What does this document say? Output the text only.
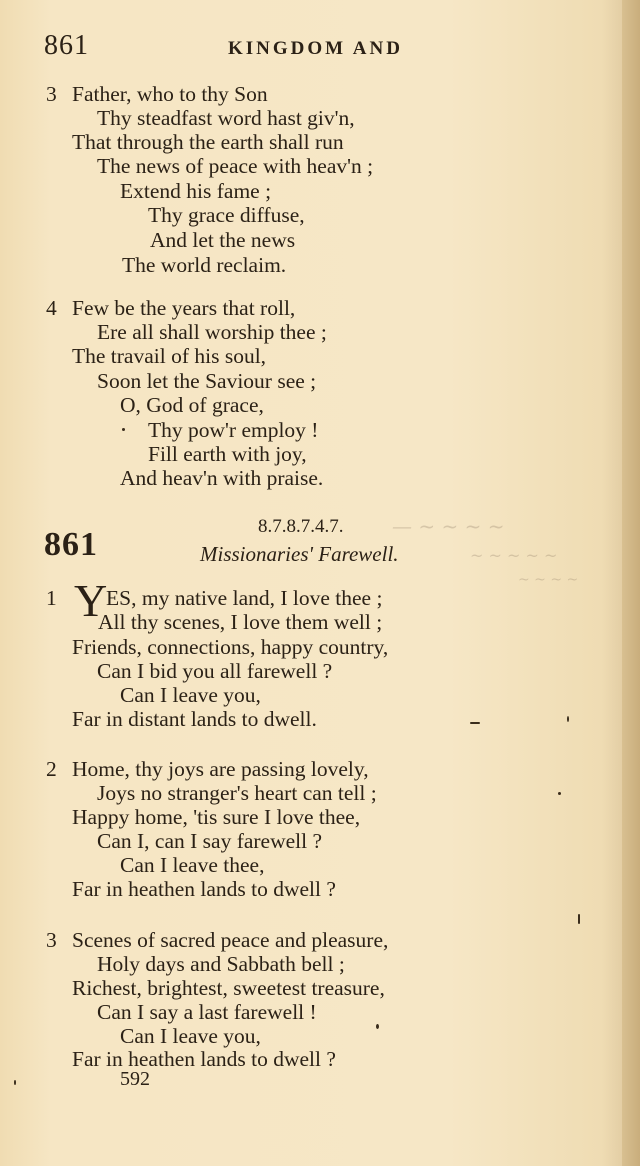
861	KINGDOM AND
3 Father, who to thy Son
Thy steadfast word hast giv'n,
That through the earth shall run
The news of peace with heav'n ;
Extend his fame ;
Thy grace diffuse,
And let the news
The world reclaim.
4 Few be the years that roll,
Ere all shall worship thee ;
The travail of his soul,
Soon let the Saviour see ;
O, God of grace,
Thy pow'r employ !
Fill earth with joy,
And heav'n with praise.
861	8.7.8.7.4.7.
Missionaries' Farewell.
— ~ ~ ~ ~
~ ~ ~ ~ ~
~ ~ ~ ~
1 Y
ES, my native land, I love thee ;
All thy scenes, I love them well ;
Friends, connections, happy country,
Can I bid you all farewell ?
Can I leave you,
Far in distant lands to dwell.
2 Home, thy joys are passing lovely,
Joys no stranger's heart can tell ;
Happy home, 'tis sure I love thee,
Can I, can I say farewell ?
Can I leave thee,
Far in heathen lands to dwell ?
3 Scenes of sacred peace and pleasure,
Holy days and Sabbath bell ;
Richest, brightest, sweetest treasure,
Can I say a last farewell !
Can I leave you,
Far in heathen lands to dwell ?
592
